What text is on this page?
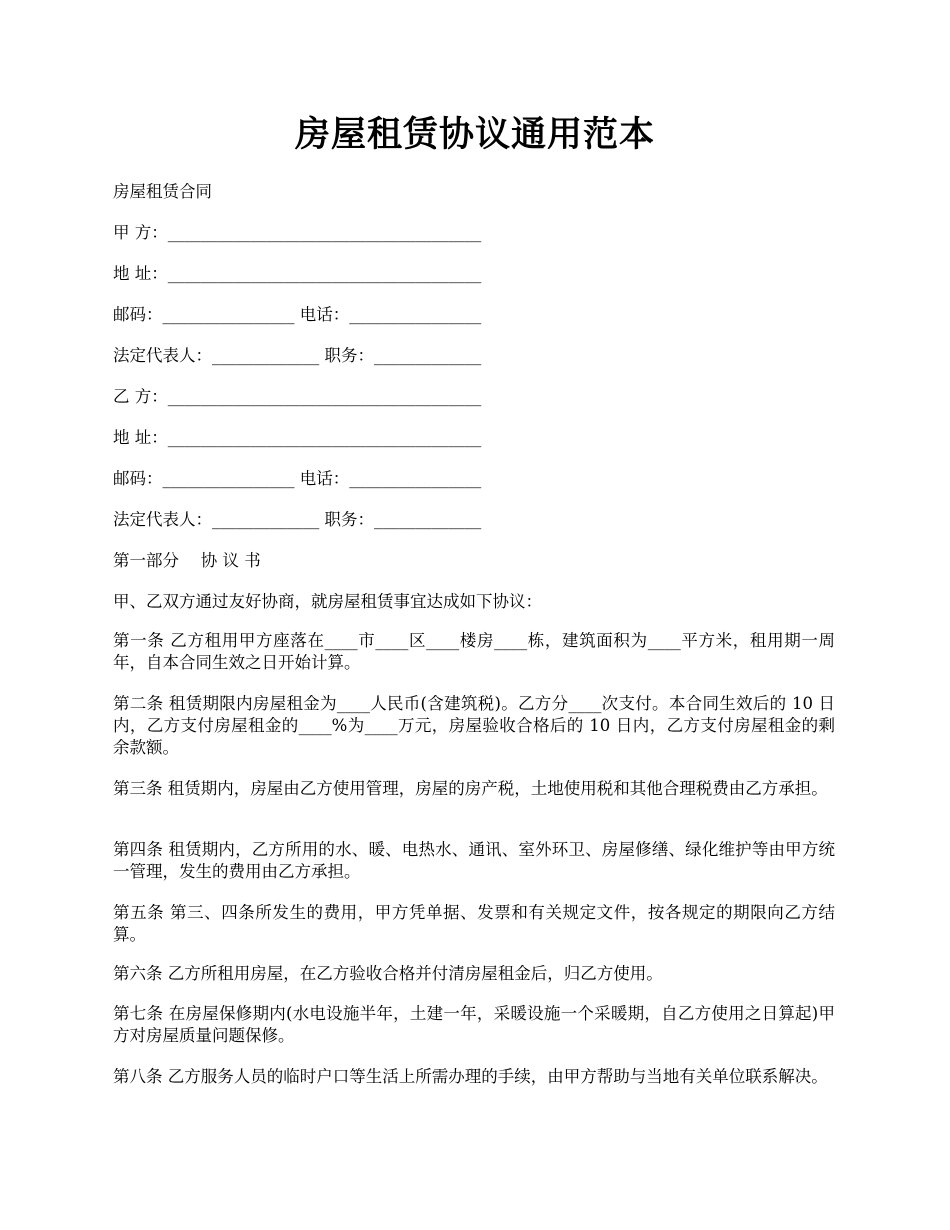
房屋租赁协议通用范本
房屋租赁合同
甲 方：______________________________________
地 址：______________________________________
邮码：________________ 电话：________________
法定代表人：_____________ 职务：_____________
乙 方：______________________________________
地 址：______________________________________
邮码：________________ 电话：________________
法定代表人：_____________ 职务：_____________
第一部分　 协 议 书
甲、乙双方通过友好协商，就房屋租赁事宜达成如下协议：
第一条 乙方租用甲方座落在____市____区____楼房____栋，建筑面积为____平方米，租用期一周年，自本合同生效之日开始计算。
第二条 租赁期限内房屋租金为____人民币(含建筑税)。乙方分____次支付。本合同生效后的 10 日内，乙方支付房屋租金的____%为____万元，房屋验收合格后的 10 日内，乙方支付房屋租金的剩余款额。
第三条 租赁期内，房屋由乙方使用管理，房屋的房产税，土地使用税和其他合理税费由乙方承担。
第四条 租赁期内，乙方所用的水、暖、电热水、通讯、室外环卫、房屋修缮、绿化维护等由甲方统一管理，发生的费用由乙方承担。
第五条 第三、四条所发生的费用，甲方凭单据、发票和有关规定文件，按各规定的期限向乙方结算。
第六条 乙方所租用房屋，在乙方验收合格并付清房屋租金后，归乙方使用。
第七条 在房屋保修期内(水电设施半年，土建一年，采暖设施一个采暖期，自乙方使用之日算起)甲方对房屋质量问题保修。
第八条 乙方服务人员的临时户口等生活上所需办理的手续，由甲方帮助与当地有关单位联系解决。
